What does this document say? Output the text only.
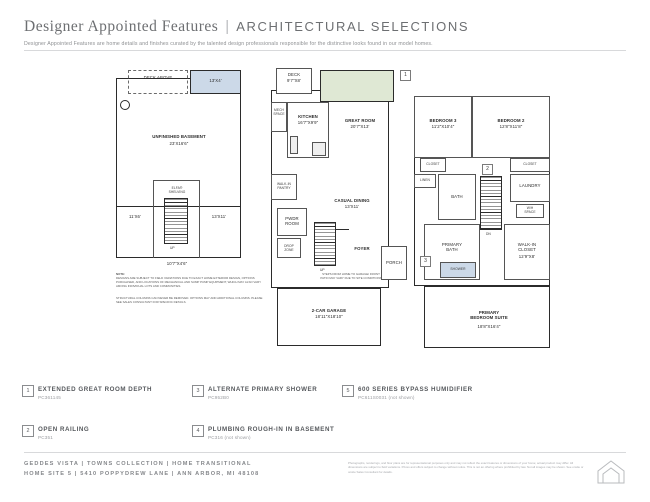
Designer Appointed Features | ARCHITECTURAL SELECTIONS
Designer Appointed Features are home details and finishes curated by the talented design professionals responsible for the distinctive looks found in our model homes.
DECK ABOVE
13'X4'
UNFINISHED BASEMENT
23'X16'6"
ELFA®
SHELVING
UP
11'X6'	13'X11'
10'7"X4'6"
NOTE:
DESIGNS ARE SUBJECT TO FIELD VARIATIONS DUE TO EXACT HOME EXTERIOR DESIGN, OPTIONS PURCHASED, AND LOCATIONS OF MECHANICAL AND SUMP PUMP EQUIPMENT, WHICH MAY ALSO VARY AMONG INDIVIDUAL LOTS AND COMMUNITIES.
STRUCTURAL COLUMNS CAN NEVER BE REMOVED. OPTIONS MAY ADD ADDITIONAL COLUMNS. PLEASE SEE SALES CONSULTANT FOR SPECIFIC DETAILS.
DECK
9'7"X8'
1
MECH
SPACE	KITCHEN
16'7"X9'9"	GREAT ROOM
20'7"X13'
WALK-IN
PANTRY
CASUAL DINING
13'X11'
PWDR
ROOM
DROP
ZONE
UP
FOYER
PORCH
2-CAR GARAGE
18'11"X18'10"
STEPS FROM HOME TO GARAGE/ FRONT
PATIO MAY VARY DUE TO SITE CONDITIONS
BEDROOM 3
11'2"X10'4"
BEDROOM 2
12'8"X11'8"
CLOSET	CLOSET
LINEN
BATH
LAUNDRY
W/H
SPACE
DN
2
PRIMARY
BATH
SHOWER
3
WALK-IN
CLOSET
12'9"X8'
PRIMARY
BEDROOM SUITE
18'8"X16'4"
1	EXTENDED GREAT ROOM DEPTH
PC361145
2	OPEN RAILING
PC351
3	ALTERNATE PRIMARY SHOWER
PC952B0
4	PLUMBING ROUGH-IN IN BASEMENT
PC316 (not shown)
5	600 SERIES BYPASS HUMIDIFIER
PC611S0031 (not shown)
GEDDES VISTA | TOWNS COLLECTION | HOME TRANSITIONAL
HOME SITE 5 | 5410 POPPYDREW LANE | ANN ARBOR, MI 48108
Photographs, renderings, and floor plans are for representational purposes only and may not reflect the exact features or dimensions of your home; actual product may differ. All dimensions are subject to field variations. Prices and offers subject to change without notice. This is not an offering where prohibited by law. Not all images may be shown. See onsite or onsite Sales Consultant for details.
